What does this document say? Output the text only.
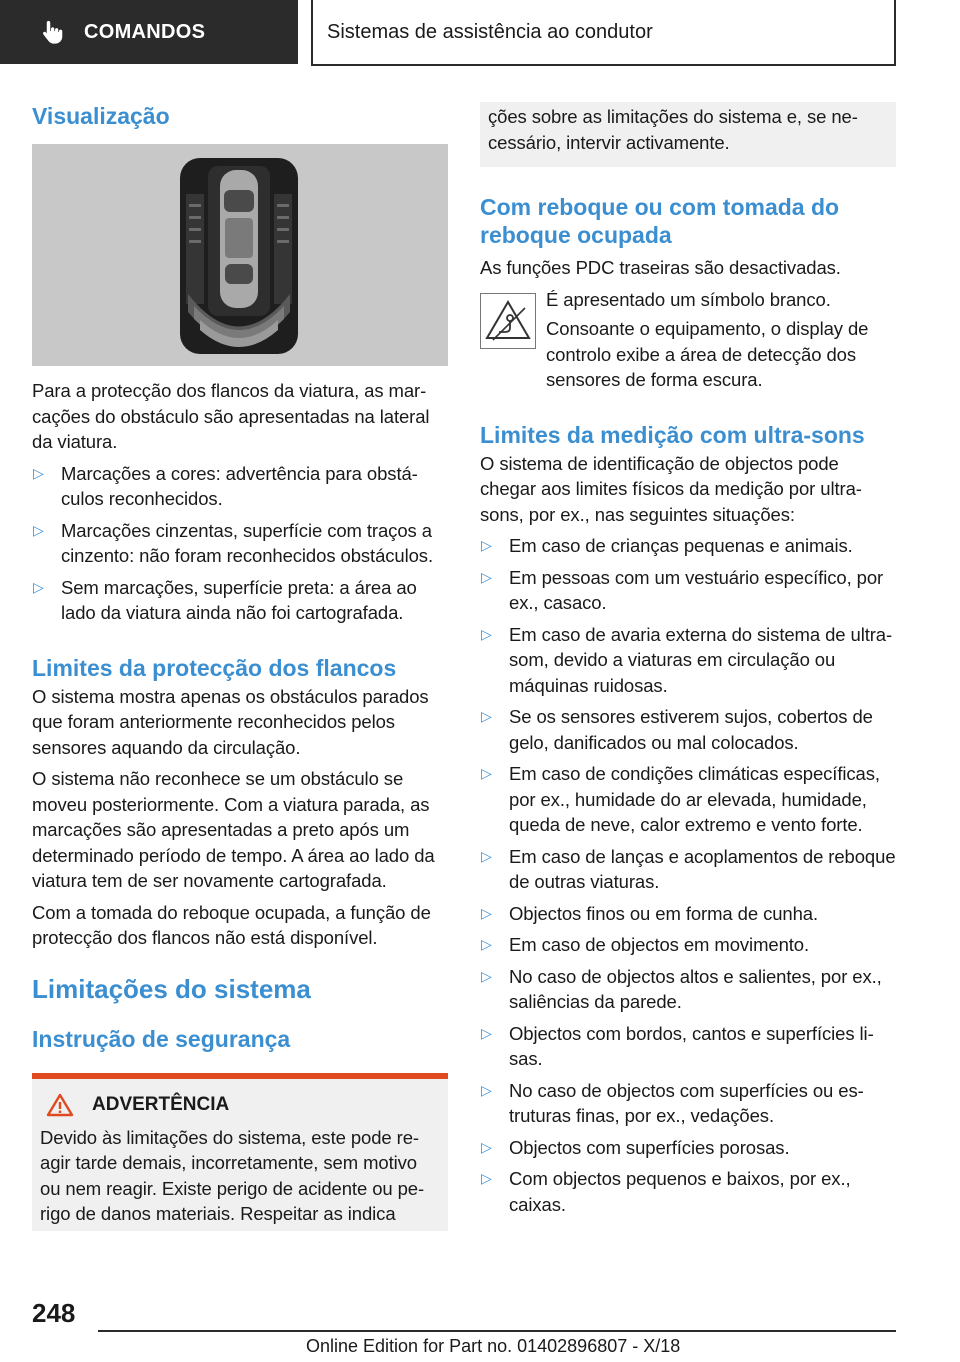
COMANDOS	Sistemas de assistência ao condutor
Visualização

Para a protecção dos flancos da viatura, as marcações do obstáculo são apresentadas na lateral da viatura.

▷ Marcações a cores: advertência para obstáculos reconhecidos.
▷ Marcações cinzentas, superfície com traços a cinzento: não foram reconhecidos obstáculos.
▷ Sem marcações, superfície preta: a área ao lado da viatura ainda não foi cartografada.
Limites da protecção dos flancos

O sistema mostra apenas os obstáculos parados que foram anteriormente reconhecidos pelos sensores aquando da circulação.

O sistema não reconhece se um obstáculo se moveu posteriormente. Com a viatura parada, as marcações são apresentadas a preto após um determinado período de tempo. A área ao lado da viatura tem de ser novamente cartografada.

Com a tomada do reboque ocupada, a função de protecção dos flancos não está disponível.

Limitações do sistema
Instrução de segurança
ADVERTÊNCIA

Devido às limitações do sistema, este pode reagir tarde demais, incorretamente, sem motivo ou nem reagir. Existe perigo de acidente ou perigo de danos materiais. Respeitar as indica

ções sobre as limitações do sistema e, se necessário, intervir activamente.

Com reboque ou com tomada do reboque ocupada

As funções PDC traseiras são desactivadas.

É apresentado um símbolo branco.

Consoante o equipamento, o display de controlo exibe a área de detecção dos sensores de forma escura.

Limites da medição com ultra-sons

O sistema de identificação de objectos pode chegar aos limites físicos da medição por ultra-sons, por ex., nas seguintes situações:

▷ Em caso de crianças pequenas e animais.
▷ Em pessoas com um vestuário específico, por ex., casaco.
▷ Em caso de avaria externa do sistema de ultra-som, devido a viaturas em circulação ou máquinas ruidosas.
▷ Se os sensores estiverem sujos, cobertos de gelo, danificados ou mal colocados.
▷ Em caso de condições climáticas específicas, por ex., humidade do ar elevada, humidade, queda de neve, calor extremo e vento forte.
▷ Em caso de lanças e acoplamentos de reboque de outras viaturas.
▷ Objectos finos ou em forma de cunha.
▷ Em caso de objectos em movimento.
▷ No caso de objectos altos e salientes, por ex., saliências da parede.
▷ Objectos com bordos, cantos e superfícies lisas.
▷ No caso de objectos com superfícies ou estruturas finas, por ex., vedações.
▷ Objectos com superfícies porosas.
▷ Com objectos pequenos e baixos, por ex., caixas.
248
Online Edition for Part no. 01402896807 - X/18
